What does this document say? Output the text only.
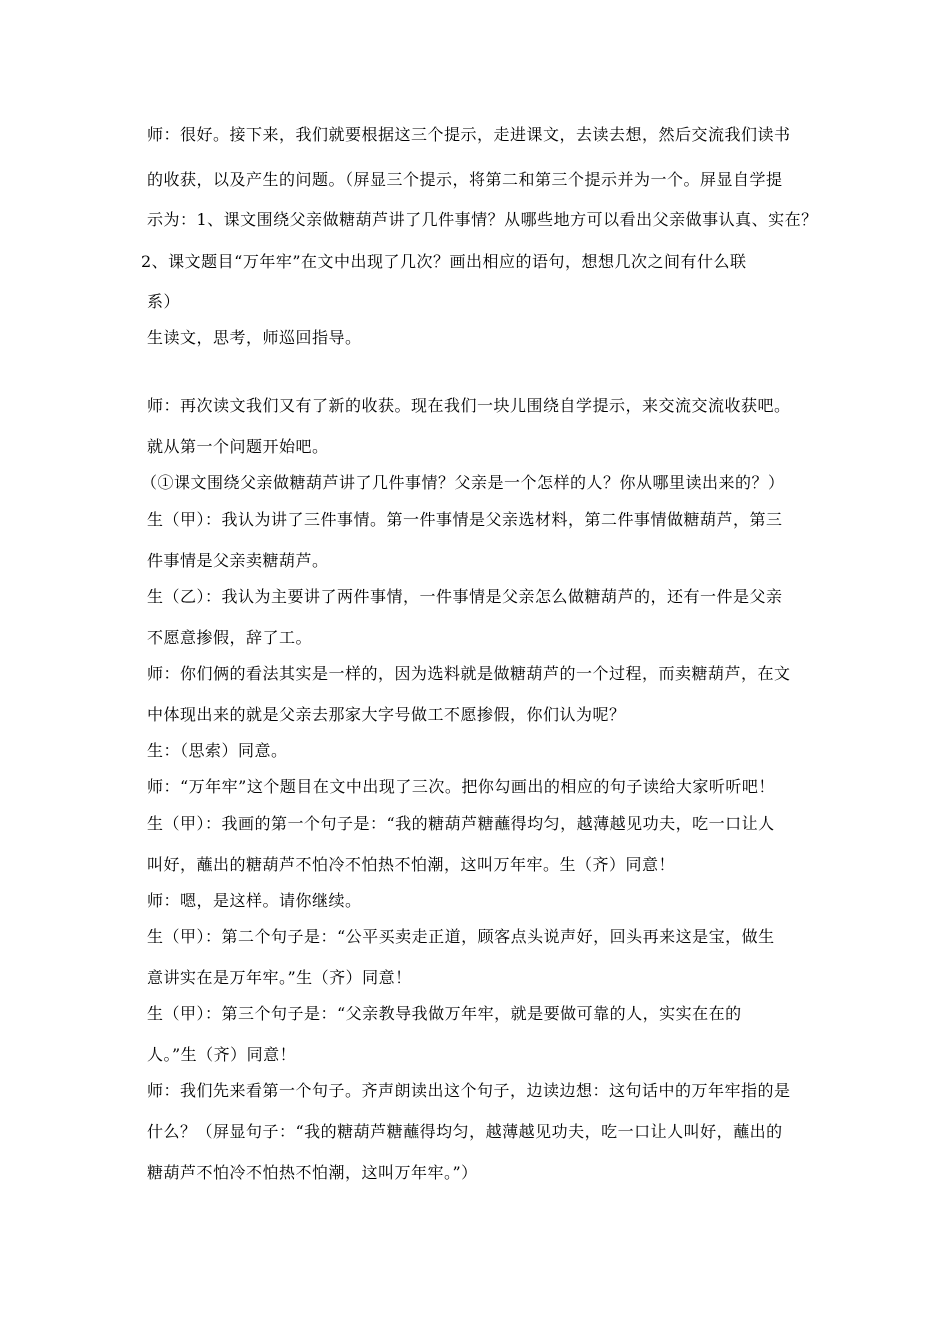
师：很好。接下来，我们就要根据这三个提示，走进课文，去读去想，然后交流我们读书
的收获，以及产生的问题。（屏显三个提示，将第二和第三个提示并为一个。屏显自学提
示为：1、课文围绕父亲做糖葫芦讲了几件事情？从哪些地方可以看出父亲做事认真、实在？
2、课文题目“万年牢”在文中出现了几次？画出相应的语句，想想几次之间有什么联
系）
生读文，思考，师巡回指导。
师：再次读文我们又有了新的收获。现在我们一块儿围绕自学提示，来交流交流收获吧。
就从第一个问题开始吧。
（①课文围绕父亲做糖葫芦讲了几件事情？父亲是一个怎样的人？你从哪里读出来的？）
生（甲）：我认为讲了三件事情。第一件事情是父亲选材料，第二件事情做糖葫芦，第三
件事情是父亲卖糖葫芦。
生（乙）：我认为主要讲了两件事情，一件事情是父亲怎么做糖葫芦的，还有一件是父亲
不愿意掺假，辞了工。
师：你们俩的看法其实是一样的，因为选料就是做糖葫芦的一个过程，而卖糖葫芦，在文
中体现出来的就是父亲去那家大字号做工不愿掺假，你们认为呢？
生：（思索）同意。
师：“万年牢”这个题目在文中出现了三次。把你勾画出的相应的句子读给大家听听吧！
生（甲）：我画的第一个句子是：“我的糖葫芦糖蘸得均匀，越薄越见功夫，吃一口让人
叫好，蘸出的糖葫芦不怕冷不怕热不怕潮，这叫万年牢。生（齐）同意！
师：嗯，是这样。请你继续。
生（甲）：第二个句子是：“公平买卖走正道，顾客点头说声好，回头再来这是宝，做生
意讲实在是万年牢。”生（齐）同意！
生（甲）：第三个句子是：“父亲教导我做万年牢，就是要做可靠的人，实实在在的
人。”生（齐）同意！
师：我们先来看第一个句子。齐声朗读出这个句子，边读边想：这句话中的万年牢指的是
什么？（屏显句子：“我的糖葫芦糖蘸得均匀，越薄越见功夫，吃一口让人叫好，蘸出的
糖葫芦不怕冷不怕热不怕潮，这叫万年牢。”）
